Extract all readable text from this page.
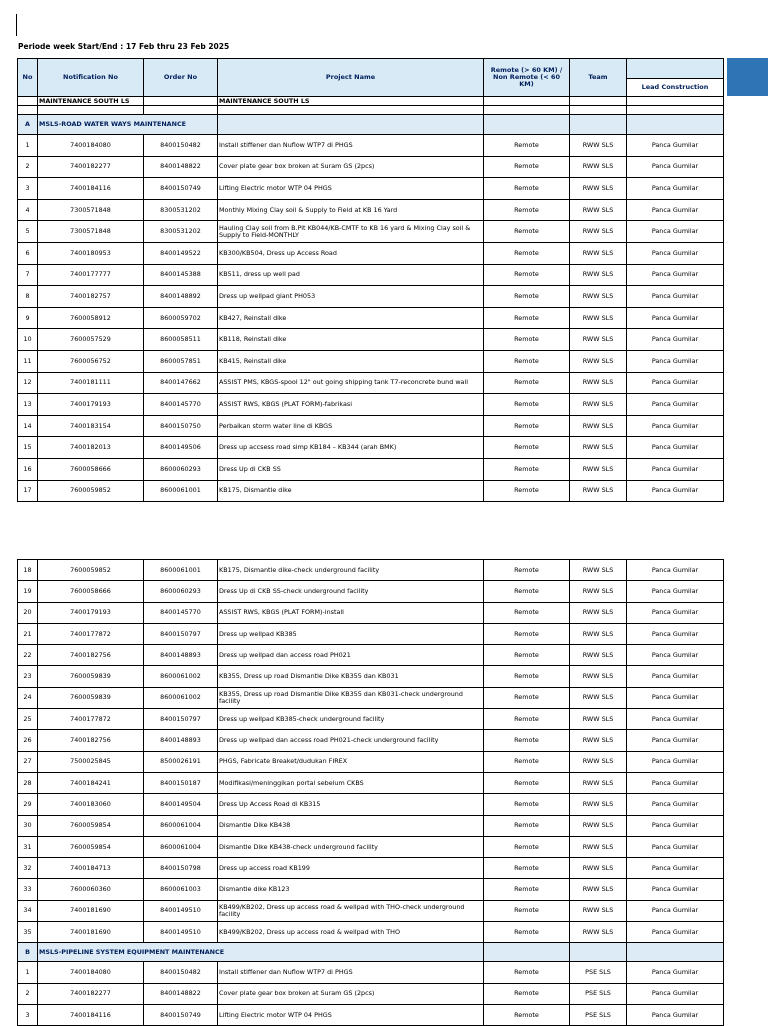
Periode week Start/End : 17 Feb thru 23 Feb 2025
No	Notification No	Order No	Project Name	Remote (> 60 KM) / Non Remote (< 60 KM)	Team	
						Lead Construction
	MAINTENANCE SOUTH LS		MAINTENANCE SOUTH LS			

A	MSLS-ROAD WATER WAYS MAINTENANCE					
1	7400184080	8400150482	Install stiffener dan Nuflow WTP7 di PHGS	Remote	RWW SLS	Panca Gumilar
2	7400182277	8400148822	Cover plate gear box broken at Suram GS (2pcs)	Remote	RWW SLS	Panca Gumilar
3	7400184116	8400150749	Lifting Electric motor WTP 04 PHGS	Remote	RWW SLS	Panca Gumilar
4	7300571848	8300531202	Monthly Mixing Clay soil & Supply to Field at KB 16 Yard	Remote	RWW SLS	Panca Gumilar
5	7300571848	8300531202	Hauling Clay soil from B.Pit KB044/KB-CMTF to KB 16 yard & Mixing Clay soil & Supply to Field-MONTHLY	Remote	RWW SLS	Panca Gumilar
6	7400180953	8400149522	KB300/KB504, Dress up Access Road	Remote	RWW SLS	Panca Gumilar
7	7400177777	8400145388	KB511, dress up well pad	Remote	RWW SLS	Panca Gumilar
8	7400182757	8400148892	Dress up wellpad giant PH053	Remote	RWW SLS	Panca Gumilar
9	7600058912	8600059702	KB427, Reinstall dike	Remote	RWW SLS	Panca Gumilar
10	7600057529	8600058511	KB118, Reinstall dike	Remote	RWW SLS	Panca Gumilar
11	7600056752	8600057851	KB415, Reinstall dike	Remote	RWW SLS	Panca Gumilar
12	7400181111	8400147662	ASSIST PMS, KBGS-spool 12" out going shipping tank T7-reconcrete bund wall	Remote	RWW SLS	Panca Gumilar
13	7400179193	8400145770	ASSIST RWS, KBGS (PLAT FORM)-fabrikasi	Remote	RWW SLS	Panca Gumilar
14	7400183154	8400150750	Perbaikan storm water line di KBGS	Remote	RWW SLS	Panca Gumilar
15	7400182013	8400149506	Dress up accsess road simp KB184 – KB344 (arah BMK)	Remote	RWW SLS	Panca Gumilar
16	7600058666	8600060293	Dress Up di CKB SS	Remote	RWW SLS	Panca Gumilar
17	7600059852	8600061001	KB175, Dismantle dike	Remote	RWW SLS	Panca Gumilar
18	7600059852	8600061001	KB175, Dismantle dike-check underground facility	Remote	RWW SLS	Panca Gumilar
19	7600058666	8600060293	Dress Up di CKB SS-check underground facility	Remote	RWW SLS	Panca Gumilar
20	7400179193	8400145770	ASSIST RWS, KBGS (PLAT FORM)-install	Remote	RWW SLS	Panca Gumilar
21	7400177872	8400150797	Dress up wellpad KB385	Remote	RWW SLS	Panca Gumilar
22	7400182756	8400148893	Dress up wellpad dan access road PH021	Remote	RWW SLS	Panca Gumilar
23	7600059839	8600061002	KB355, Dress up road Dismantle Dike KB355 dan KB031	Remote	RWW SLS	Panca Gumilar
24	7600059839	8600061002	KB355, Dress up road Dismantle Dike KB355 dan KB031-check underground facility	Remote	RWW SLS	Panca Gumilar
25	7400177872	8400150797	Dress up wellpad KB385-check underground facility	Remote	RWW SLS	Panca Gumilar
26	7400182756	8400148893	Dress up wellpad dan access road PH021-check underground facility	Remote	RWW SLS	Panca Gumilar
27	7500025845	8500026191	PHGS, Fabricate Breaket/dudukan FIREX	Remote	RWW SLS	Panca Gumilar
28	7400184241	8400150187	Modifikasi/meninggikan portal sebelum CKBS	Remote	RWW SLS	Panca Gumilar
29	7400183060	8400149504	Dress Up Access Road di KB315	Remote	RWW SLS	Panca Gumilar
30	7600059854	8600061004	Dismantle Dike KB438	Remote	RWW SLS	Panca Gumilar
31	7600059854	8600061004	Dismantle Dike KB438-check underground facility	Remote	RWW SLS	Panca Gumilar
32	7400184713	8400150798	Dress up access road KB199	Remote	RWW SLS	Panca Gumilar
33	7600060360	8600061003	Dismantle dike KB123	Remote	RWW SLS	Panca Gumilar
34	7400181690	8400149510	KB499/KB202, Dress up access road & wellpad with THO-check underground facility	Remote	RWW SLS	Panca Gumilar
35	7400181690	8400149510	KB499/KB202, Dress up access road & wellpad with THO	Remote	RWW SLS	Panca Gumilar
B	MSLS-PIPELINE SYSTEM EQUIPMENT MAINTENANCE					
1	7400184080	8400150482	Install stiffener dan Nuflow WTP7 di PHGS	Remote	PSE SLS	Panca Gumilar
2	7400182277	8400148822	Cover plate gear box broken at Suram GS (2pcs)	Remote	PSE SLS	Panca Gumilar
3	7400184116	8400150749	Lifting Electric motor WTP 04 PHGS	Remote	PSE SLS	Panca Gumilar
